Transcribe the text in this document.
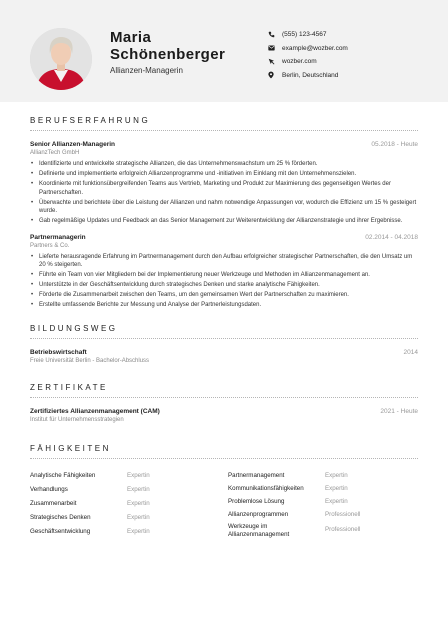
Maria
Schönenberger
Allianzen-Managerin
(555) 123-4567
example@wozber.com
wozber.com
Berlin, Deutschland
BERUFSERFAHRUNG
Senior Allianzen-Managerin	05.2018 - Heute
AllianzTech GmbH
• Identifizierte und entwickelte strategische Allianzen, die das Unternehmenswachstum um 25 % förderten.
• Definierte und implementierte erfolgreich Allianzenprogramme und -initiativen im Einklang mit den Unternehmenszielen.
• Koordinierte mit funktionsübergreifenden Teams aus Vertrieb, Marketing und Produkt zur Maximierung des gegenseitigen Wertes der Partnerschaften.
• Überwachte und berichtete über die Leistung der Allianzen und nahm notwendige Anpassungen vor, wodurch die Effizienz um 15 % gesteigert wurde.
• Gab regelmäßige Updates und Feedback an das Senior Management zur Weiterentwicklung der Allianzenstrategie und ihrer Ergebnisse.
Partnermanagerin	02.2014 - 04.2018
Partners & Co.
• Lieferte herausragende Erfahrung im Partnermanagement durch den Aufbau erfolgreicher strategischer Partnerschaften, die den Umsatz um 20 % steigerten.
• Führte ein Team von vier Mitgliedern bei der Implementierung neuer Werkzeuge und Methoden im Allianzenmanagement an.
• Unterstützte in der Geschäftsentwicklung durch strategisches Denken und starke analytische Fähigkeiten.
• Förderte die Zusammenarbeit zwischen den Teams, um den gemeinsamen Wert der Partnerschaften zu maximieren.
• Erstellte umfassende Berichte zur Messung und Analyse der Partnerleistungsdaten.
BILDUNGSWEG
Betriebswirtschaft	2014
Freie Universität Berlin - Bachelor-Abschluss
ZERTIFIKATE
Zertifiziertes Allianzenmanagement (CAM)	2021 - Heute
Institut für Unternehmensstrategien
FÄHIGKEITEN
Analytische Fähigkeiten	Expertin
Verhandlungs	Expertin
Zusammenarbeit	Expertin
Strategisches Denken	Expertin
Geschäftsentwicklung	Expertin
Partnermanagement	Expertin
Kommunikationsfähigkeiten	Expertin
Problemlose Lösung	Expertin
Allianzenprogrammen	Professionell
Werkzeuge im Allianzenmanagement	Professionell
